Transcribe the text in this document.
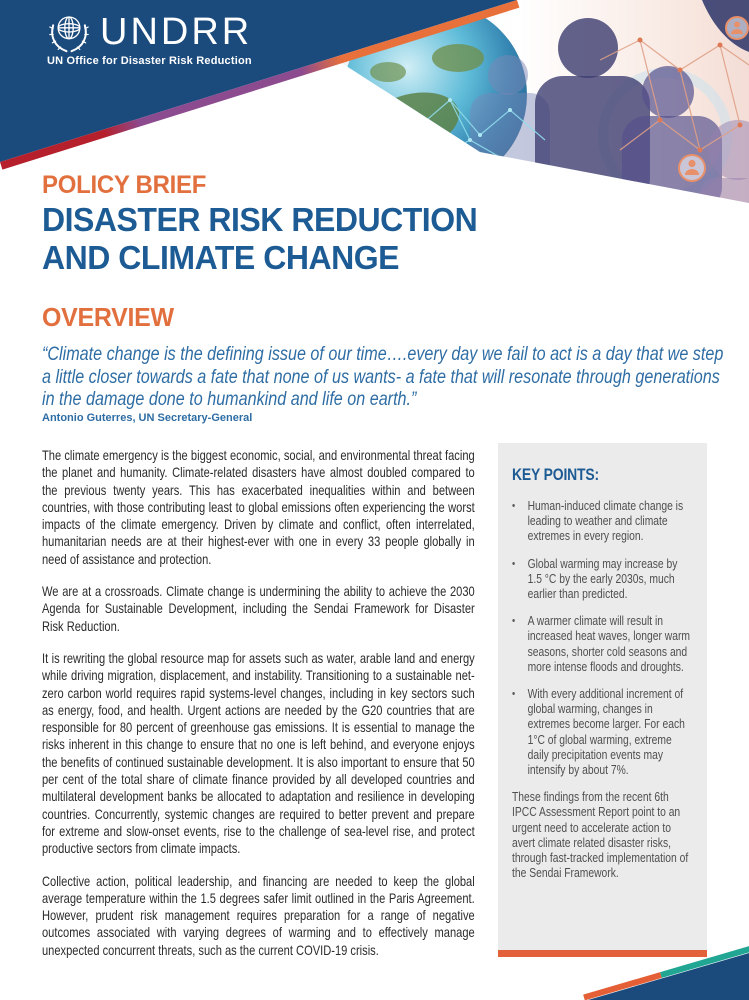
UNDRR
UN Office for Disaster Risk Reduction
POLICY BRIEF
DISASTER RISK REDUCTION
AND CLIMATE CHANGE
OVERVIEW
“Climate change is the defining issue of our time….every day we fail to act is a day that we step a little closer towards a fate that none of us wants- a fate that will resonate through generations in the damage done to humankind and life on earth.”
Antonio Guterres, UN Secretary-General

The climate emergency is the biggest economic, social, and environmental threat facing the planet and humanity. Climate-related disasters have almost doubled compared to the previous twenty years. This has exacerbated inequalities within and between countries, with those contributing least to global emissions often experiencing the worst impacts of the climate emergency. Driven by climate and conflict, often interrelated, humanitarian needs are at their highest-ever with one in every 33 people globally in need of assistance and protection.

We are at a crossroads. Climate change is undermining the ability to achieve the 2030 Agenda for Sustainable Development, including the Sendai Framework for Disaster Risk Reduction.

It is rewriting the global resource map for assets such as water, arable land and energy while driving migration, displacement, and instability. Transitioning to a sustainable net-zero carbon world requires rapid systems-level changes, including in key sectors such as energy, food, and health. Urgent actions are needed by the G20 countries that are responsible for 80 percent of greenhouse gas emissions. It is essential to manage the risks inherent in this change to ensure that no one is left behind, and everyone enjoys the benefits of continued sustainable development. It is also important to ensure that 50 per cent of the total share of climate finance provided by all developed countries and multilateral development banks be allocated to adaptation and resilience in developing countries. Concurrently, systemic changes are required to better prevent and prepare for extreme and slow-onset events, rise to the challenge of sea-level rise, and protect productive sectors from climate impacts.

Collective action, political leadership, and financing are needed to keep the global average temperature within the 1.5 degrees safer limit outlined in the Paris Agreement. However, prudent risk management requires preparation for a range of negative outcomes associated with varying degrees of warming and to effectively manage unexpected concurrent threats, such as the current COVID-19 crisis.

KEY POINTS:
• Human-induced climate change is leading to weather and climate extremes in every region.
• Global warming may increase by 1.5 °C by the early 2030s, much earlier than predicted.
• A warmer climate will result in increased heat waves, longer warm seasons, shorter cold seasons and more intense floods and droughts.
• With every additional increment of global warming, changes in extremes become larger. For each 1°C of global warming, extreme daily precipitation events may intensify by about 7%.

These findings from the recent 6th IPCC Assessment Report point to an urgent need to accelerate action to avert climate related disaster risks, through fast-tracked implementation of the Sendai Framework.
